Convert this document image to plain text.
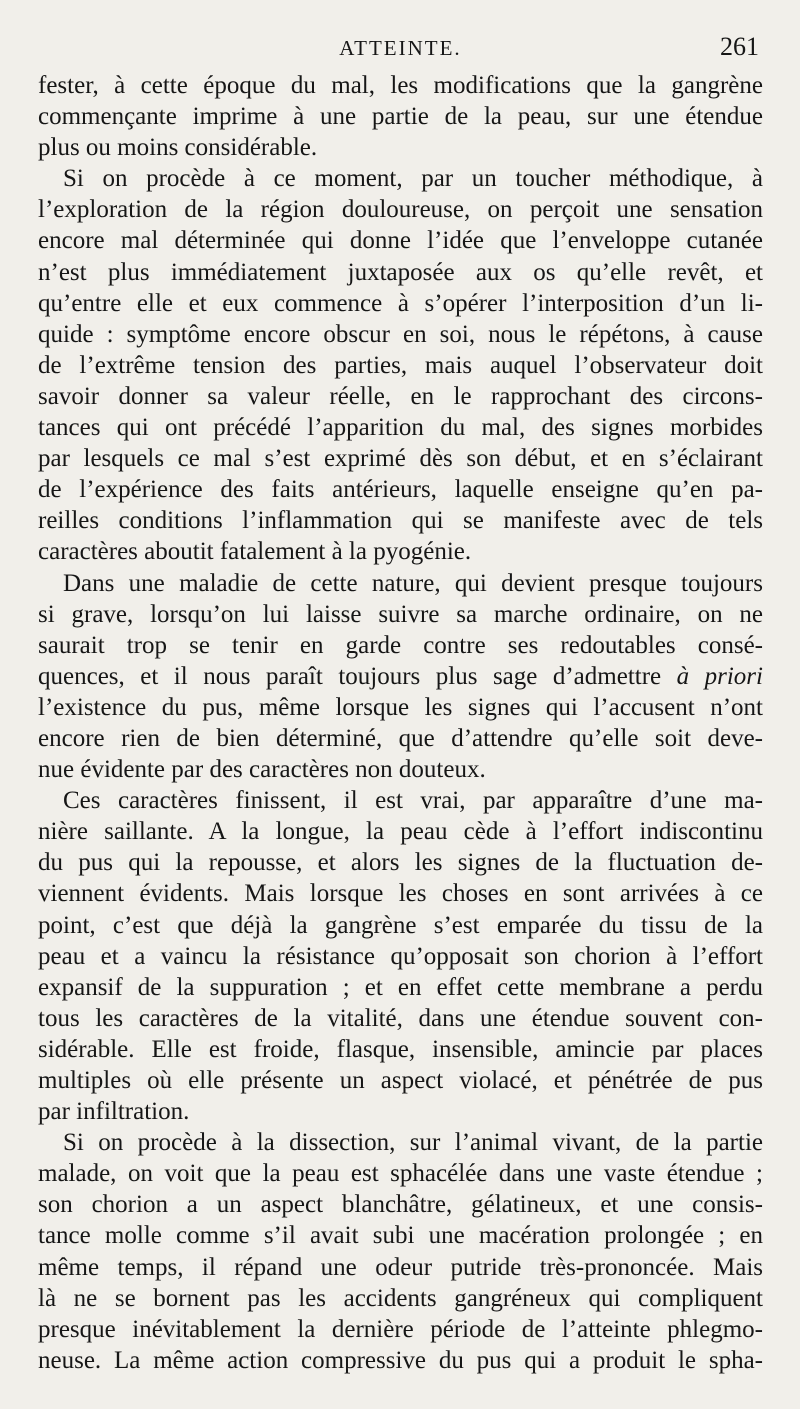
ATTEINTE.	261
fester, à cette époque du mal, les modifications que la gangrène
commençante imprime à une partie de la peau, sur une étendue
plus ou moins considérable.
Si on procède à ce moment, par un toucher méthodique, à
l’exploration de la région douloureuse, on perçoit une sensation
encore mal déterminée qui donne l’idée que l’enveloppe cutanée
n’est plus immédiatement juxtaposée aux os qu’elle revêt, et
qu’entre elle et eux commence à s’opérer l’interposition d’un li-
quide : symptôme encore obscur en soi, nous le répétons, à cause
de l’extrême tension des parties, mais auquel l’observateur doit
savoir donner sa valeur réelle, en le rapprochant des circons-
tances qui ont précédé l’apparition du mal, des signes morbides
par lesquels ce mal s’est exprimé dès son début, et en s’éclairant
de l’expérience des faits antérieurs, laquelle enseigne qu’en pa-
reilles conditions l’inflammation qui se manifeste avec de tels
caractères aboutit fatalement à la pyogénie.
Dans une maladie de cette nature, qui devient presque toujours
si grave, lorsqu’on lui laisse suivre sa marche ordinaire, on ne
saurait trop se tenir en garde contre ses redoutables consé-
quences, et il nous paraît toujours plus sage d’admettre à priori
l’existence du pus, même lorsque les signes qui l’accusent n’ont
encore rien de bien déterminé, que d’attendre qu’elle soit deve-
nue évidente par des caractères non douteux.
Ces caractères finissent, il est vrai, par apparaître d’une ma-
nière saillante. A la longue, la peau cède à l’effort indiscontinu
du pus qui la repousse, et alors les signes de la fluctuation de-
viennent évidents. Mais lorsque les choses en sont arrivées à ce
point, c’est que déjà la gangrène s’est emparée du tissu de la
peau et a vaincu la résistance qu’opposait son chorion à l’effort
expansif de la suppuration ; et en effet cette membrane a perdu
tous les caractères de la vitalité, dans une étendue souvent con-
sidérable. Elle est froide, flasque, insensible, amincie par places
multiples où elle présente un aspect violacé, et pénétrée de pus
par infiltration.
Si on procède à la dissection, sur l’animal vivant, de la partie
malade, on voit que la peau est sphacélée dans une vaste étendue ;
son chorion a un aspect blanchâtre, gélatineux, et une consis-
tance molle comme s’il avait subi une macération prolongée ; en
même temps, il répand une odeur putride très-prononcée. Mais
là ne se bornent pas les accidents gangréneux qui compliquent
presque inévitablement la dernière période de l’atteinte phlegmo-
neuse. La même action compressive du pus qui a produit le spha-
